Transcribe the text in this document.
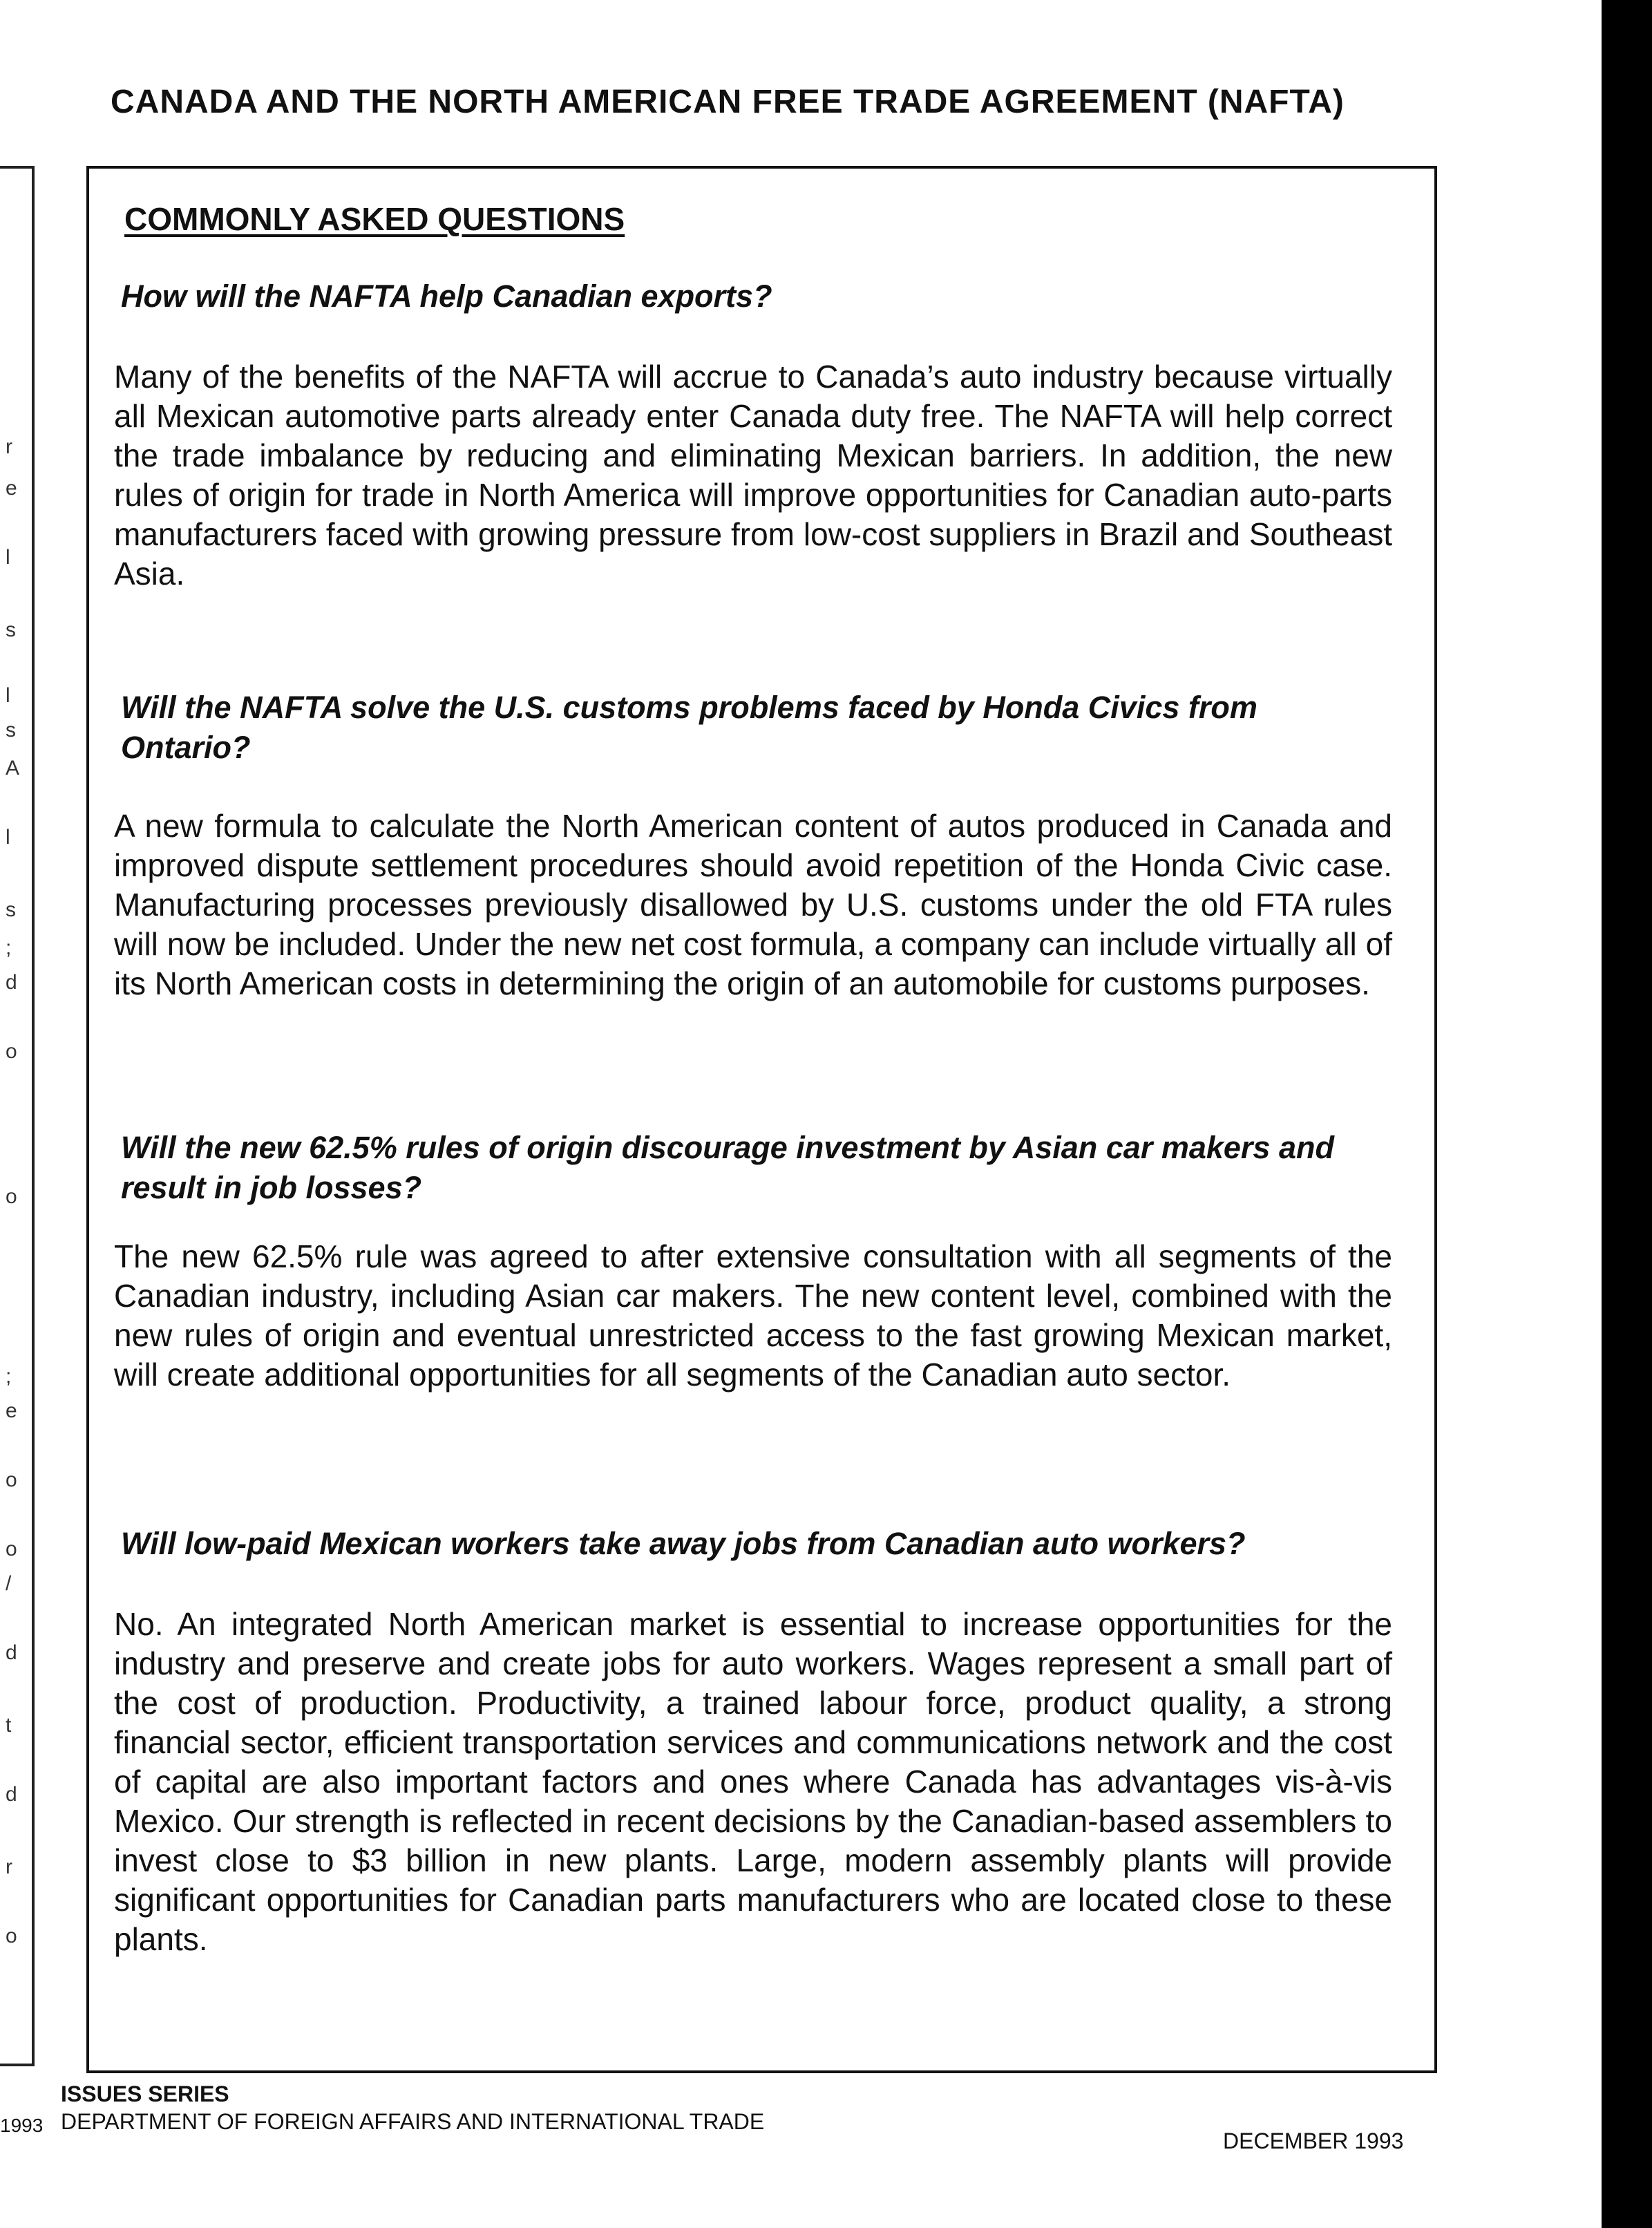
r
e
l
s
l
s
A
l
s
;
d
o
o
;
e
o
o
/
d
t
d
r
o
CANADA AND THE NORTH AMERICAN FREE TRADE AGREEMENT (NAFTA)
COMMONLY ASKED QUESTIONS

How will the NAFTA help Canadian exports?

Many of the benefits of the NAFTA will accrue to Canada’s auto industry because virtually all Mexican automotive parts already enter Canada duty free. The NAFTA will help correct the trade imbalance by reducing and eliminating Mexican barriers. In addition, the new rules of origin for trade in North America will improve opportunities for Canadian auto-parts manufacturers faced with growing pressure from low-cost suppliers in Brazil and Southeast Asia.

Will the NAFTA solve the U.S. customs problems faced by Honda Civics from Ontario?

A new formula to calculate the North American content of autos produced in Canada and improved dispute settlement procedures should avoid repetition of the Honda Civic case. Manufacturing processes previously disallowed by U.S. customs under the old FTA rules will now be included. Under the new net cost formula, a company can include virtually all of its North American costs in determining the origin of an automobile for customs purposes.

Will the new 62.5% rules of origin discourage investment by Asian car makers and result in job losses?

The new 62.5% rule was agreed to after extensive consultation with all segments of the Canadian industry, including Asian car makers. The new content level, combined with the new rules of origin and eventual unrestricted access to the fast growing Mexican market, will create additional opportunities for all segments of the Canadian auto sector.

Will low-paid Mexican workers take away jobs from Canadian auto workers?

No. An integrated North American market is essential to increase opportunities for the industry and preserve and create jobs for auto workers. Wages represent a small part of the cost of production. Productivity, a trained labour force, product quality, a strong financial sector, efficient transportation services and communications network and the cost of capital are also important factors and ones where Canada has advantages vis-à-vis Mexico. Our strength is reflected in recent decisions by the Canadian-based assemblers to invest close to $3 billion in new plants. Large, modern assembly plants will provide significant opportunities for Canadian parts manufacturers who are located close to these plants.

ISSUES SERIES

DEPARTMENT OF FOREIGN AFFAIRS AND INTERNATIONAL TRADE

1993

DECEMBER 1993
